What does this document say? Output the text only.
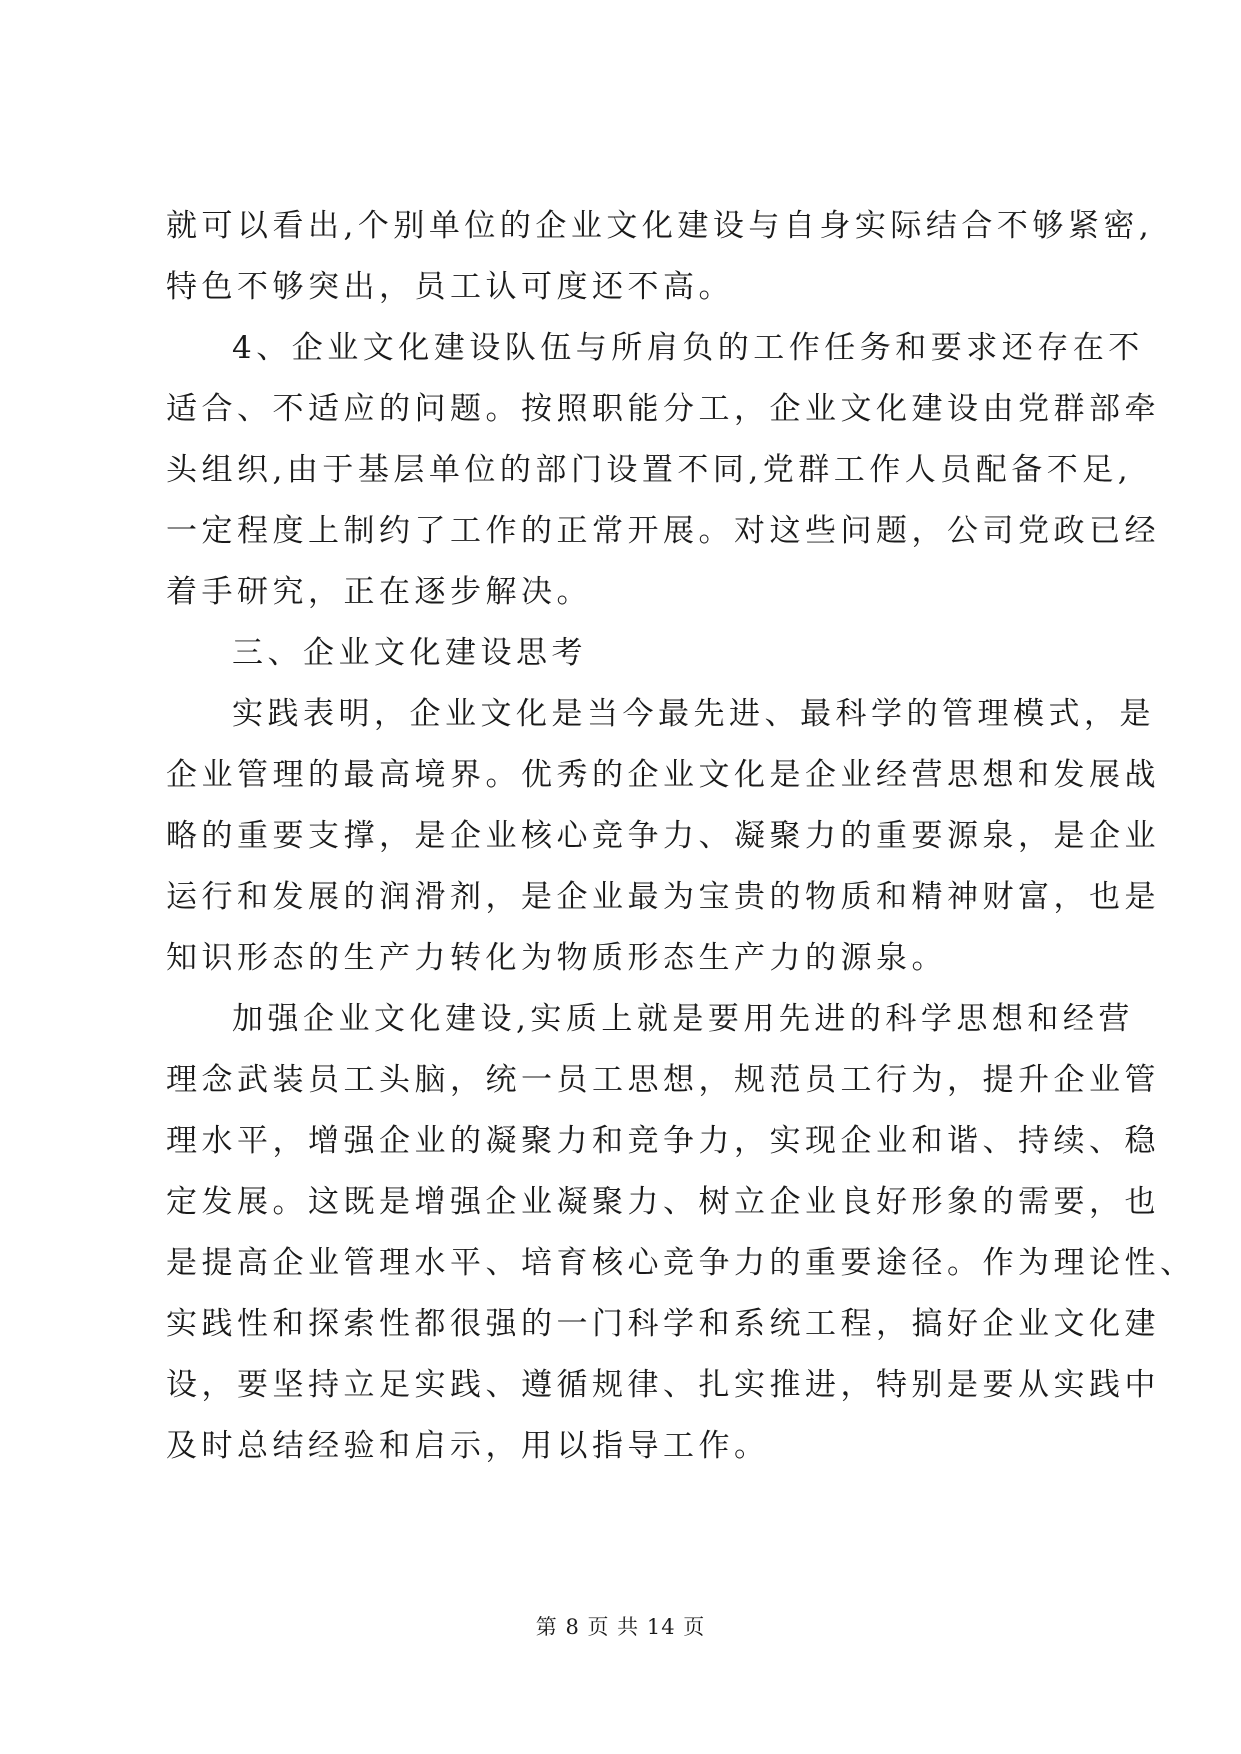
就可以看出,个别单位的企业文化建设与自身实际结合不够紧密,
特色不够突出，员工认可度还不高。

4、企业文化建设队伍与所肩负的工作任务和要求还存在不
适合、不适应的问题。按照职能分工，企业文化建设由党群部牵
头组织,由于基层单位的部门设置不同,党群工作人员配备不足,
一定程度上制约了工作的正常开展。对这些问题，公司党政已经
着手研究，正在逐步解决。

三、企业文化建设思考

实践表明，企业文化是当今最先进、最科学的管理模式，是
企业管理的最高境界。优秀的企业文化是企业经营思想和发展战
略的重要支撑，是企业核心竞争力、凝聚力的重要源泉，是企业
运行和发展的润滑剂，是企业最为宝贵的物质和精神财富，也是
知识形态的生产力转化为物质形态生产力的源泉。

加强企业文化建设,实质上就是要用先进的科学思想和经营
理念武装员工头脑，统一员工思想，规范员工行为，提升企业管
理水平，增强企业的凝聚力和竞争力，实现企业和谐、持续、稳
定发展。这既是增强企业凝聚力、树立企业良好形象的需要，也
是提高企业管理水平、培育核心竞争力的重要途径。作为理论性、
实践性和探索性都很强的一门科学和系统工程，搞好企业文化建
设，要坚持立足实践、遵循规律、扎实推进，特别是要从实践中
及时总结经验和启示，用以指导工作。

第 8 页 共 14 页
